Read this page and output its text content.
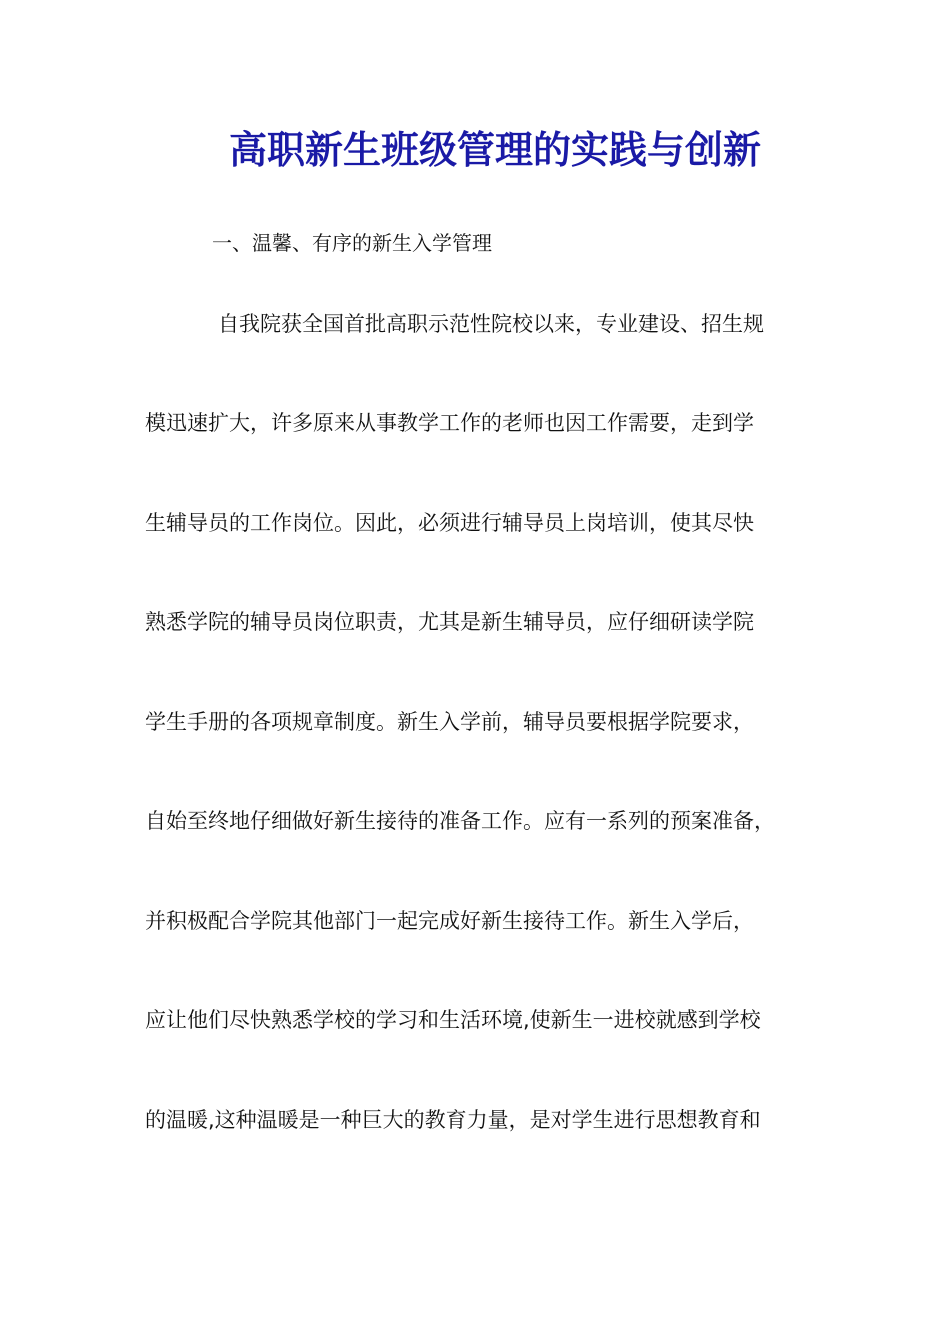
高职新生班级管理的实践与创新
一、温馨、有序的新生入学管理
自我院获全国首批高职示范性院校以来，专业建设、招生规
模迅速扩大，许多原来从事教学工作的老师也因工作需要，走到学
生辅导员的工作岗位。因此，必须进行辅导员上岗培训，使其尽快
熟悉学院的辅导员岗位职责，尤其是新生辅导员，应仔细研读学院
学生手册的各项规章制度。新生入学前，辅导员要根据学院要求，
自始至终地仔细做好新生接待的准备工作。应有一系列的预案准备，
并积极配合学院其他部门一起完成好新生接待工作。新生入学后，
应让他们尽快熟悉学校的学习和生活环境,使新生一进校就感到学校
的温暖,这种温暖是一种巨大的教育力量，是对学生进行思想教育和
